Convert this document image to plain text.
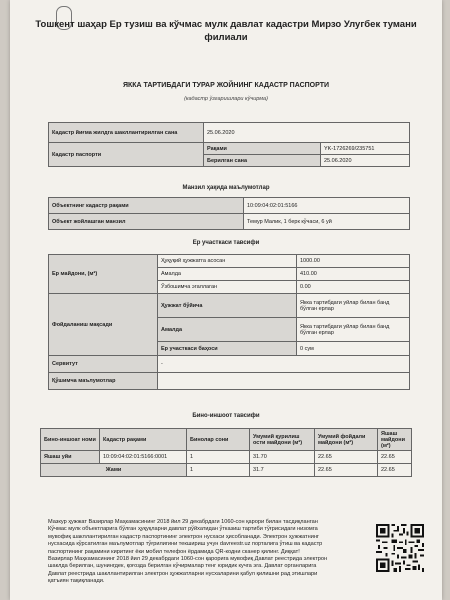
Тошкент шаҳар Ер тузиш ва кўчмас мулк давлат кадастри Мирзо Улугбек тумани
филиали
ЯККА ТАРТИБДАГИ ТУРАР ЖОЙНИНГ КАДАСТР ПАСПОРТИ
(кадастр ўзгаришлари кўчирма)
Кадастр йиғма жилдга шакллантирилган сана	25.06.2020	
Кадастр паспорти	Рақами	YK-1726269/235751
	Берилган сана	25.06.2020
Манзил ҳақида маълумотлар
Объектнинг кадастр рақами	10:09:04:02:01:5166
Объект жойлашган манзил	Темур Малик, 1 берк кўчаси, 6 уй
Ер участкаси тавсифи
Ер майдони, (м²)	Ҳуқуқий ҳужжатга асосан	1000.00
	Амалда	410.00
	Ўзбошимча эгаллаган	0.00
Фойдаланиш мақсади	Ҳужжат бўйича	Якка тартибдаги уйлар билан банд бўлган ерлар
	Амалда	Якка тартибдаги уйлар билан банд бўлган ерлар
	Ер участкаси баҳоси	0 сум
Сервитут	-	
Қўшимча маълумотлар		
Бино-иншоот тавсифи
Бино-иншоат номи	Кадастр рақами	Бинолар сони	Умумий қурилиш ости майдони (м²)	Умумий фойдали майдони (м²)	Яшаш майдони (м²)
Яшаш уйи	10:09:04:02:01:5166:0001	1	31.70	22.65	22.65
Жами		1	31.7	22.65	22.65
Мазкур ҳужжат Вазирлар Маҳкамасининг 2018 йил 29 декабрдаги 1060-сон қарори билан тасдиқланган
Кўчмас мулк объектларига бўлган ҳуқуқларни давлат рўйхатидан ўтказиш тартиби тўғрисидаги низомга
мувофиқ шакллантирилган кадастр паспортининг электрон нусхаси ҳисобланади. Электрон ҳужжатнинг
нусхасида кўрсатилган маълумотлар тўғрилигини текшириш учун davreestr.uz порталига ўтиш ва кадастр
паспортининг рақамини киритинг ёки мобил телефон ёрдамида QR-кодни сканер қилинг. Диққат!
Вазирлар Маҳкамасининг 2018 йил 29 декабрдаги 1060-сон қарорига мувофиқ Давлат реестрида электрон
шаклда берилган, шунингдек, қоғозда берилган кўчирмалар тенг юридик кучга эга. Давлат органларига
Давлат реестрида шакллантирилган электрон ҳужжатларни нусхаларини қабул қилишни рад этишлари
қатъиян тақиқланади.
